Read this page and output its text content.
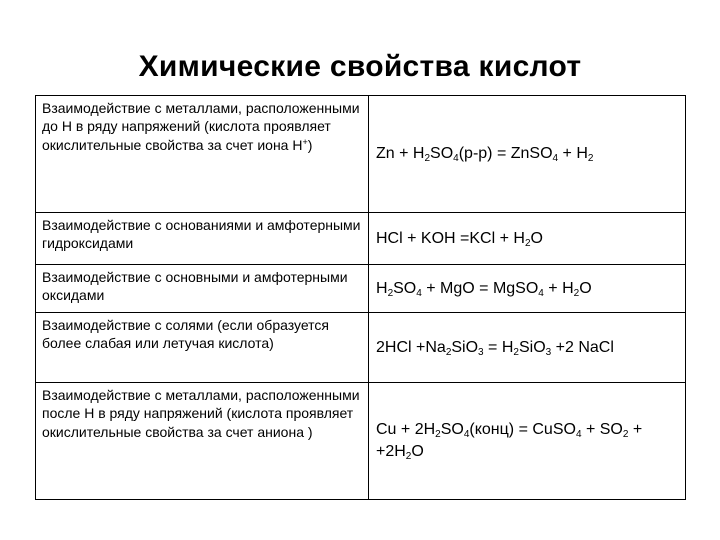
Химические свойства кислот
Взаимодействие с металлами, расположенными до Н в ряду напряжений (кислота проявляет окислительные свойства за счет иона Н+)	$Zn + H_2SO_4(р-р)$ = ZnSO$_4$ + $H_2$
Взаимодействие с основаниями и амфотерными гидроксидами	HCl + KOH $=KCl + H_2O$
Взаимодействие с основными и амфотерными оксидами	$H_2SO_4$ + MgO = MgSO$_4$ + $H_2O$
Взаимодействие с солями (если образуется более слабая или летучая кислота)	$2HCl +Na_2SiO_3 = H_2SiO_3 +2$ NaCl
Взаимодействие с металлами, расположенными после Н в ряду напряжений (кислота проявляет окислительные свойства за счет аниона )	$Cu + 2H_2SO_4(конц)$ = CuSO$_4$ + $SO_2 + +2H_2O$
